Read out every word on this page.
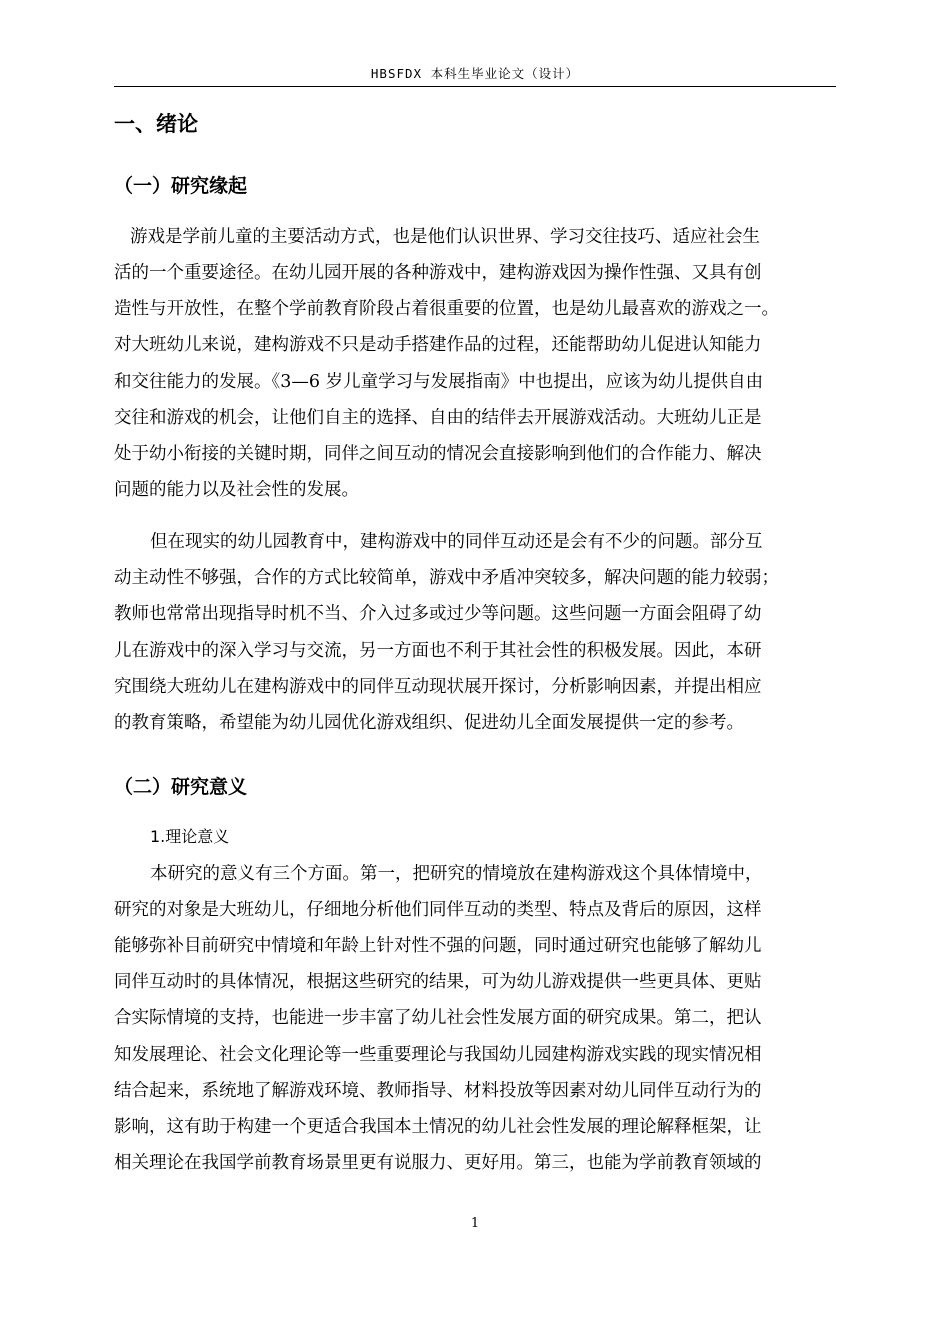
HBSFDX 本科生毕业论文（设计）
一、绪论
（一）研究缘起
游戏是学前儿童的主要活动方式，也是他们认识世界、学习交往技巧、适应社会生
活的一个重要途径。在幼儿园开展的各种游戏中，建构游戏因为操作性强、又具有创
造性与开放性，在整个学前教育阶段占着很重要的位置，也是幼儿最喜欢的游戏之一。
对大班幼儿来说，建构游戏不只是动手搭建作品的过程，还能帮助幼儿促进认知能力
和交往能力的发展。《3—6 岁儿童学习与发展指南》中也提出，应该为幼儿提供自由
交往和游戏的机会，让他们自主的选择、自由的结伴去开展游戏活动。大班幼儿正是
处于幼小衔接的关键时期，同伴之间互动的情况会直接影响到他们的合作能力、解决
问题的能力以及社会性的发展。
但在现实的幼儿园教育中，建构游戏中的同伴互动还是会有不少的问题。部分互
动主动性不够强，合作的方式比较简单，游戏中矛盾冲突较多，解决问题的能力较弱；
教师也常常出现指导时机不当、介入过多或过少等问题。这些问题一方面会阻碍了幼
儿在游戏中的深入学习与交流，另一方面也不利于其社会性的积极发展。因此，本研
究围绕大班幼儿在建构游戏中的同伴互动现状展开探讨，分析影响因素，并提出相应
的教育策略，希望能为幼儿园优化游戏组织、促进幼儿全面发展提供一定的参考。
（二）研究意义
1.理论意义
本研究的意义有三个方面。第一，把研究的情境放在建构游戏这个具体情境中，
研究的对象是大班幼儿，仔细地分析他们同伴互动的类型、特点及背后的原因，这样
能够弥补目前研究中情境和年龄上针对性不强的问题，同时通过研究也能够了解幼儿
同伴互动时的具体情况，根据这些研究的结果，可为幼儿游戏提供一些更具体、更贴
合实际情境的支持，也能进一步丰富了幼儿社会性发展方面的研究成果。第二，把认
知发展理论、社会文化理论等一些重要理论与我国幼儿园建构游戏实践的现实情况相
结合起来，系统地了解游戏环境、教师指导、材料投放等因素对幼儿同伴互动行为的
影响，这有助于构建一个更适合我国本土情况的幼儿社会性发展的理论解释框架，让
相关理论在我国学前教育场景里更有说服力、更好用。第三，也能为学前教育领域的
1
